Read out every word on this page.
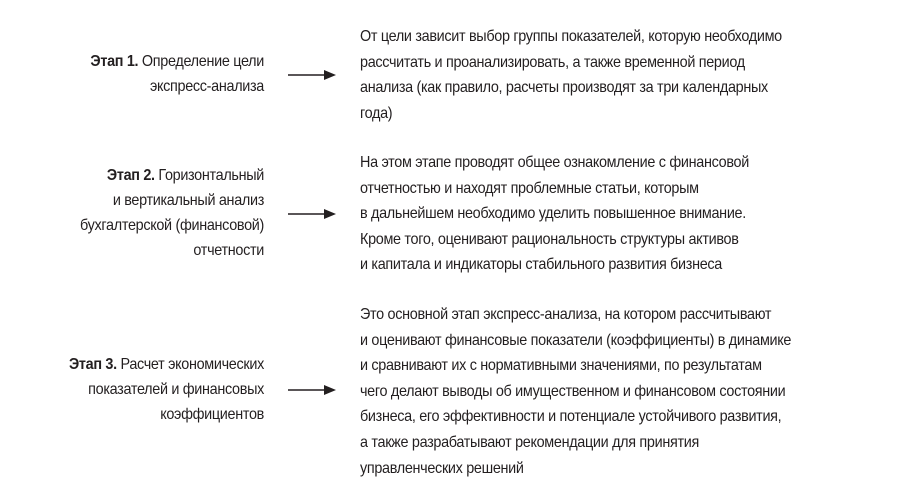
Этап 1. Определение цели
экспресс-анализа
От цели зависит выбор группы показателей, которую необходимо
рассчитать и проанализировать, а также временной период
анализа (как правило, расчеты производят за три календарных
года)
Этап 2. Горизонтальный
и вертикальный анализ
бухгалтерской (финансовой)
отчетности
На этом этапе проводят общее ознакомление с финансовой
отчетностью и находят проблемные статьи, которым
в дальнейшем необходимо уделить повышенное внимание.
Кроме того, оценивают рациональность структуры активов
и капитала и индикаторы стабильного развития бизнеса
Этап 3. Расчет экономических
показателей и финансовых
коэффициентов
Это основной этап экспресс-анализа, на котором рассчитывают
и оценивают финансовые показатели (коэффициенты) в динамике
и сравнивают их с нормативными значениями, по результатам
чего делают выводы об имущественном и финансовом состоянии
бизнеса, его эффективности и потенциале устойчивого развития,
а также разрабатывают рекомендации для принятия
управленческих решений
